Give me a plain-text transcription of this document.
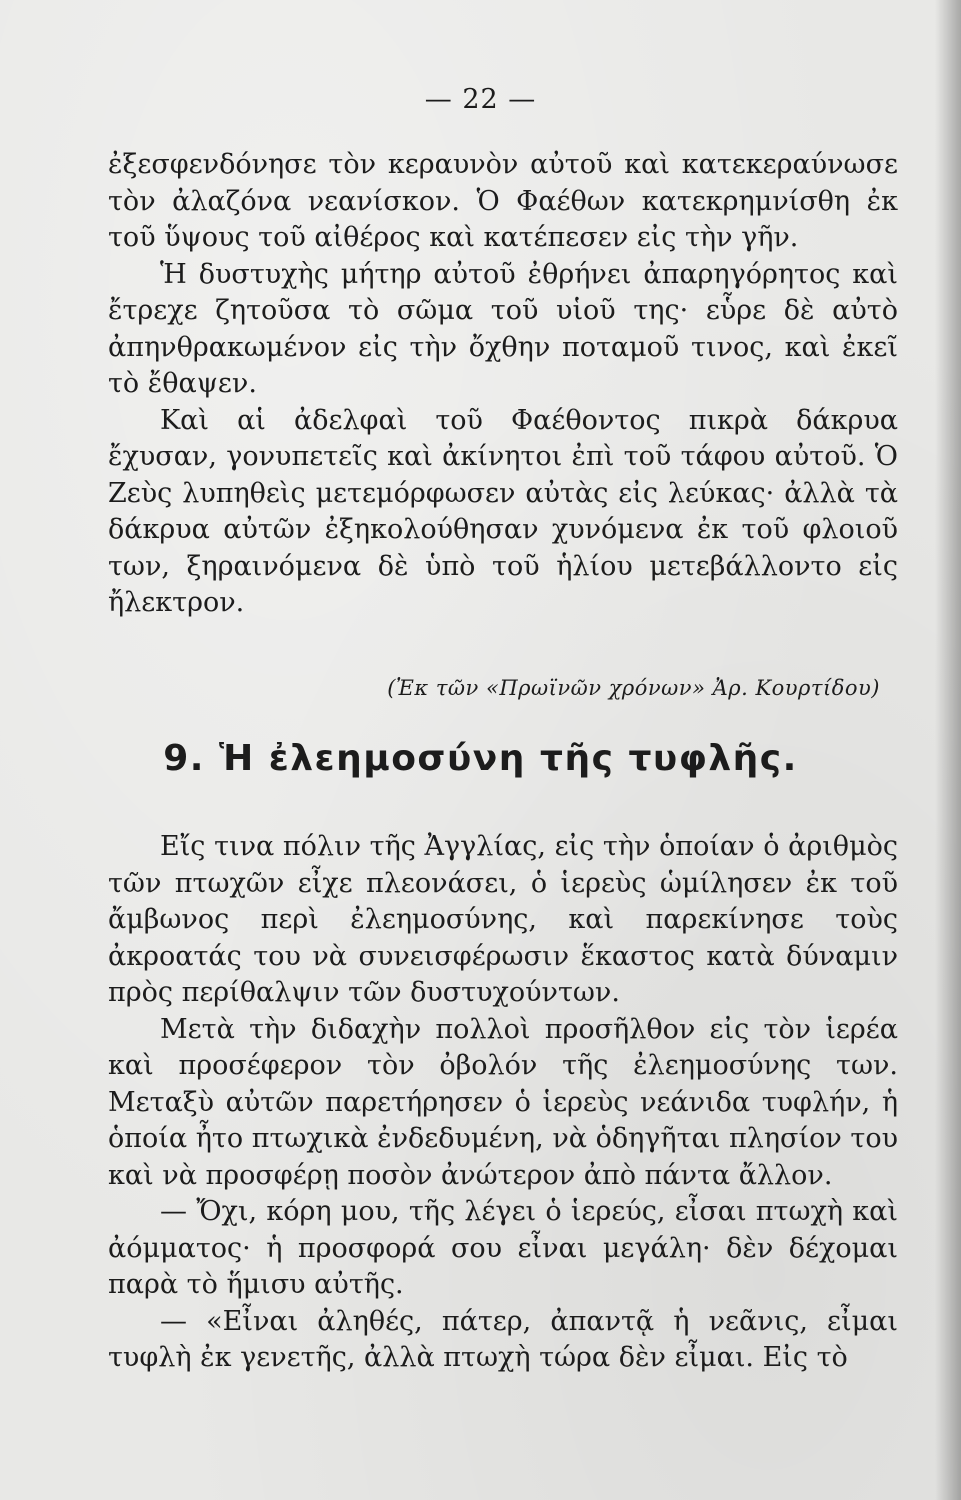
— 22 —

ἐξεσφενδόνησε τὸν κεραυνὸν αὐτοῦ καὶ κατεκεραύνωσε τὸν ἀλαζόνα νεανίσκον. Ὁ Φαέθων κατεκρημνίσθη ἐκ τοῦ ὕψους τοῦ αἰθέρος καὶ κατέπεσεν εἰς τὴν γῆν.

Ἡ δυστυχὴς μήτηρ αὐτοῦ ἐθρήνει ἀπαρηγόρητος καὶ ἔτρεχε ζητοῦσα τὸ σῶμα τοῦ υἱοῦ της· εὗρε δὲ αὐτὸ ἀπηνθρακωμένον εἰς τὴν ὄχθην ποταμοῦ τινος, καὶ ἐκεῖ τὸ ἔθαψεν.

Καὶ αἱ ἀδελφαὶ τοῦ Φαέθοντος πικρὰ δάκρυα ἔχυσαν, γονυπετεῖς καὶ ἀκίνητοι ἐπὶ τοῦ τάφου αὐτοῦ. Ὁ Ζεὺς λυπηθεὶς μετεμόρφωσεν αὐτὰς εἰς λεύκας· ἀλλὰ τὰ δάκρυα αὐτῶν ἐξηκολούθησαν χυνόμενα ἐκ τοῦ φλοιοῦ των, ξηραινόμενα δὲ ὑπὸ τοῦ ἡλίου μετεβάλλοντο εἰς ἤλεκτρον.

(Ἐκ τῶν «Πρωϊνῶν χρόνων» Ἀρ. Κουρτίδου)
9. Ἡ ἐλεημοσύνη τῆς τυφλῆς.

Εἴς τινα πόλιν τῆς Ἀγγλίας, εἰς τὴν ὁποίαν ὁ ἀριθμὸς τῶν πτωχῶν εἶχε πλεονάσει, ὁ ἱερεὺς ὡμίλησεν ἐκ τοῦ ἄμβωνος περὶ ἐλεημοσύνης, καὶ παρεκίνησε τοὺς ἀκροατάς του νὰ συνεισφέρωσιν ἕκαστος κατὰ δύναμιν πρὸς περίθαλψιν τῶν δυστυχούντων.

Μετὰ τὴν διδαχὴν πολλοὶ προσῆλθον εἰς τὸν ἱερέα καὶ προσέφερον τὸν ὀβολόν τῆς ἐλεημοσύνης των. Μεταξὺ αὐτῶν παρετήρησεν ὁ ἱερεὺς νεάνιδα τυφλήν, ἡ ὁποία ἦτο πτωχικὰ ἐνδεδυμένη, νὰ ὁδηγῆται πλησίον του καὶ νὰ προσφέρῃ ποσὸν ἀνώτερον ἀπὸ πάντα ἄλλον.

— Ὄχι, κόρη μου, τῆς λέγει ὁ ἱερεύς, εἶσαι πτωχὴ καὶ ἀόμματος· ἡ προσφορά σου εἶναι μεγάλη· δὲν δέχομαι παρὰ τὸ ἥμισυ αὐτῆς.

— «Εἶναι ἀληθές, πάτερ, ἀπαντᾷ ἡ νεᾶνις, εἶμαι τυφλὴ ἐκ γενετῆς, ἀλλὰ πτωχὴ τώρα δὲν εἶμαι. Εἰς τὸ
